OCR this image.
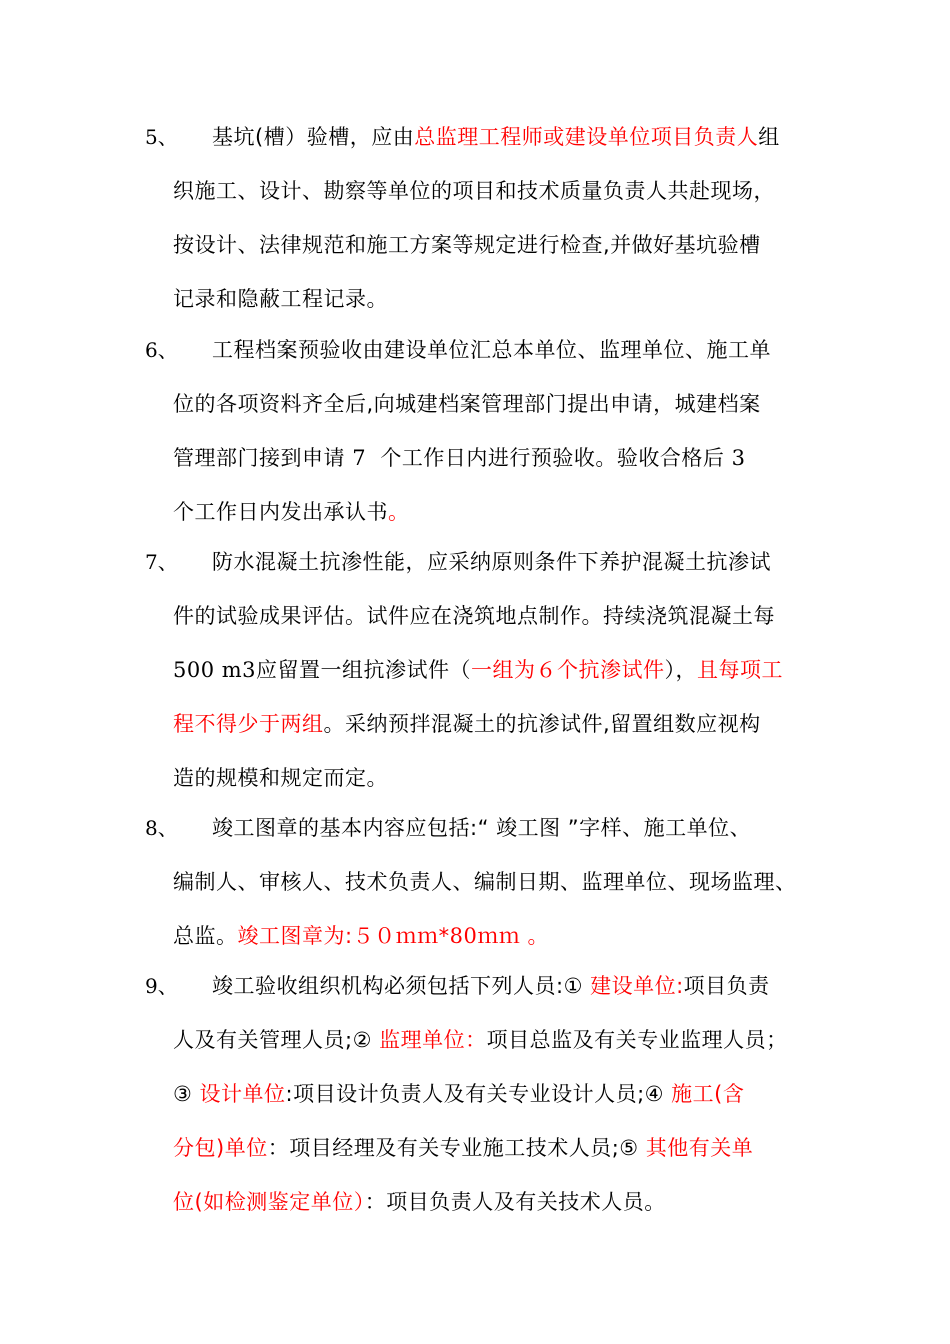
5、 基坑(槽）验槽，应由总监理工程师或建设单位项目负责人组
织施工、设计、勘察等单位的项目和技术质量负责人共赴现场，
按设计、法律规范和施工方案等规定进行检查,并做好基坑验槽
记录和隐蔽工程记录。
6、 工程档案预验收由建设单位汇总本单位、监理单位、施工单
位的各项资料齐全后,向城建档案管理部门提出申请，城建档案
管理部门接到申请 7  个工作日内进行预验收。验收合格后 3
个工作日内发出承认书。
7、 防水混凝土抗渗性能，应采纳原则条件下养护混凝土抗渗试
件的试验成果评估。试件应在浇筑地点制作。持续浇筑混凝土每
500 m3应留置一组抗渗试件（一组为６个抗渗试件），且每项工
程不得少于两组。采纳预拌混凝土的抗渗试件,留置组数应视构
造的规模和规定而定。
8、 竣工图章的基本内容应包括:“ 竣工图 ”字样、施工单位、
编制人、审核人、技术负责人、编制日期、监理单位、现场监理、
总监。竣工图章为:５０ｍｍ*80ｍｍ 。
9、 竣工验收组织机构必须包括下列人员:① 建设单位:项目负责
人及有关管理人员;② 监理单位：项目总监及有关专业监理人员；
③ 设计单位:项目设计负责人及有关专业设计人员;④ 施工(含
分包)单位：项目经理及有关专业施工技术人员;⑤ 其他有关单
位(如检测鉴定单位）：项目负责人及有关技术人员。
